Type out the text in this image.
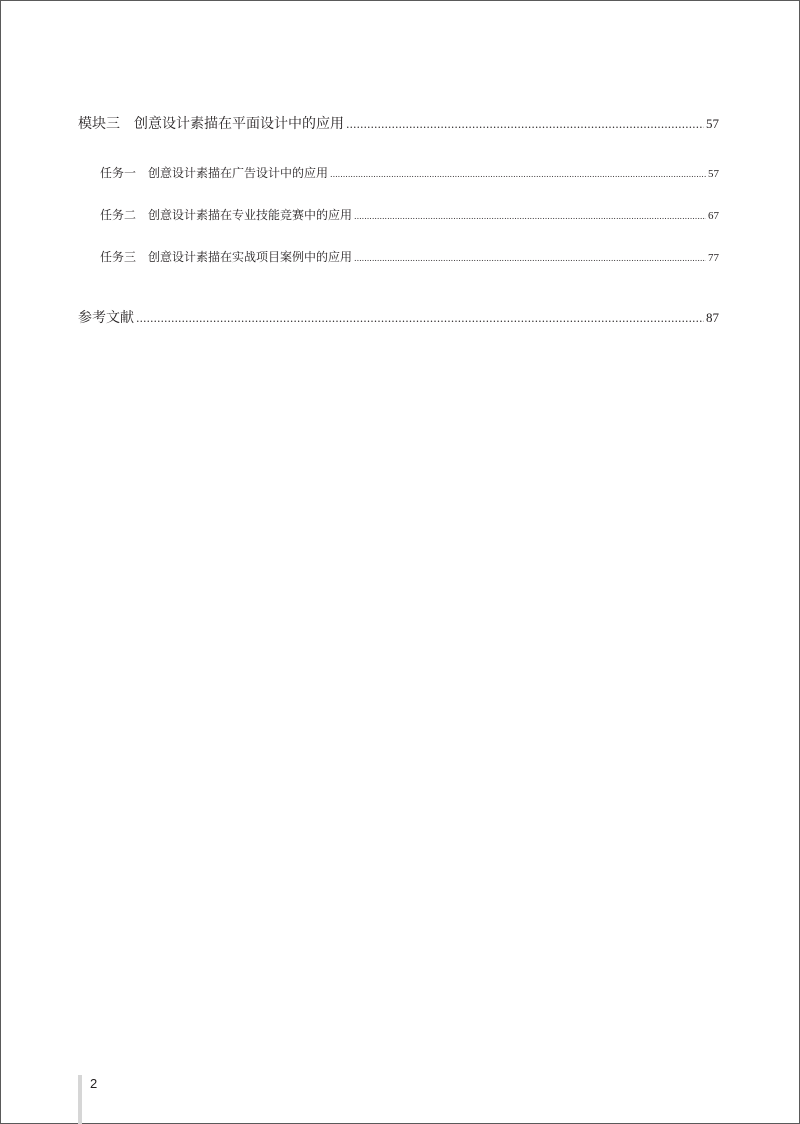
模块三 创意设计素描在平面设计中的应用 .....	57
任务一 创意设计素描在广告设计中的应用 .....	57
任务二 创意设计素描在专业技能竞赛中的应用 .....	67
任务三 创意设计素描在实战项目案例中的应用 .....	77
参考文献 .....	87
2
